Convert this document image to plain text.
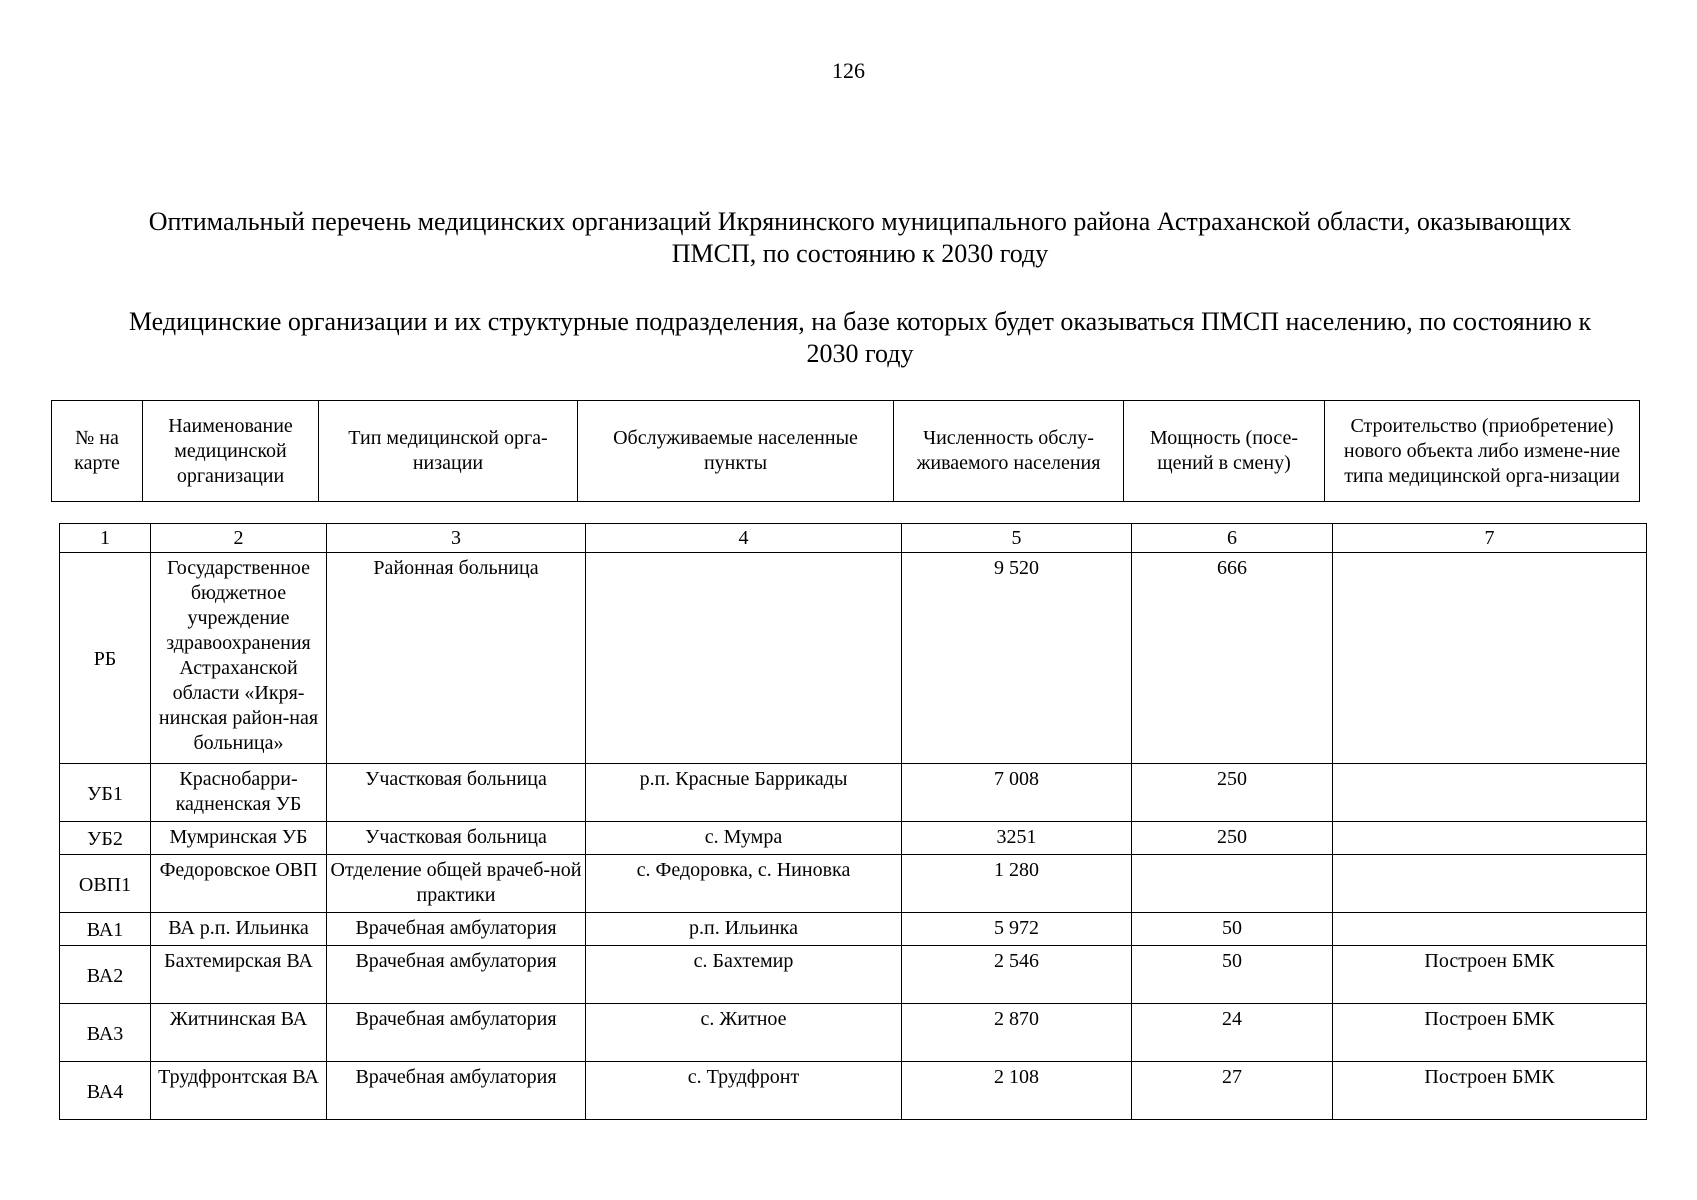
126
Оптимальный перечень медицинских организаций Икрянинского муниципального района Астраханской области, оказывающих ПМСП, по состоянию к 2030 году
Медицинские организации и их структурные подразделения, на базе которых будет оказываться ПМСП населению, по состоянию к 2030 году
№ на карте	Наименование медицинской организации	Тип медицинской орга-низации	Обслуживаемые населенные пункты	Численность обслу-живаемого населения	Мощность (посе-щений в смену)	Строительство (приобретение) нового объекта либо измене-ние типа медицинской орга-низации
1	2	3	4	5	6	7
РБ	Государственное бюджетное учреждение здравоохранения Астраханской области «Икря-нинская район-ная больница»	Районная больница		9 520	666	
УБ1	Краснобарри-кадненская УБ	Участковая больница	р.п. Красные Баррикады	7 008	250	
УБ2	Мумринская УБ	Участковая больница	с. Мумра	3251	250	
ОВП1	Федоровское ОВП	Отделение общей врачеб-ной практики	с. Федоровка, с. Ниновка	1 280		
ВА1	ВА р.п. Ильинка	Врачебная амбулатория	р.п. Ильинка	5 972	50	
ВА2	Бахтемирская ВА	Врачебная амбулатория	с. Бахтемир	2 546	50	Построен БМК
ВА3	Житнинская ВА	Врачебная амбулатория	с. Житное	2 870	24	Построен БМК
ВА4	Трудфронтская ВА	Врачебная амбулатория	с. Трудфронт	2 108	27	Построен БМК
